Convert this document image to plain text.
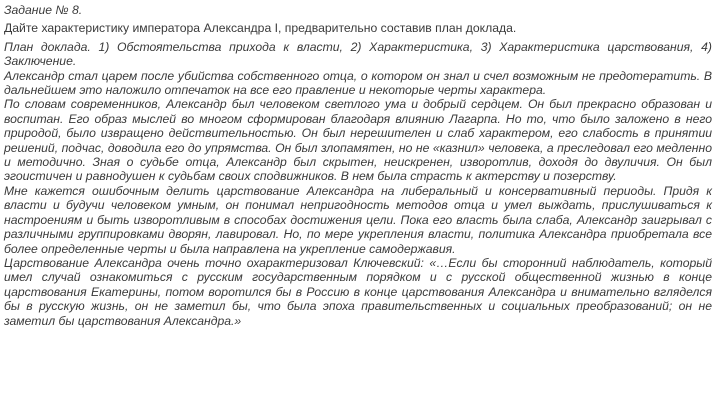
Задание № 8.

Дайте характеристику императора Александра I, предварительно составив план доклада.

План доклада. 1) Обстоятельства прихода к власти, 2) Характеристика, 3) Характеристика царствования, 4) Заключение.

Александр стал царем после убийства собственного отца, о котором он знал и счел возможным не предотератить. В дальнейшем это наложило отпечаток на все его правление и некоторые черты характера.

По словам современников, Александр был человеком светлого ума и добрый сердцем. Он был прекрасно образован и воспитан. Его образ мыслей во многом сформирован благодаря влиянию Лагарпа. Но то, что было заложено в него природой, было извращено действительностью. Он был нерешителен и слаб характером, его слабость в принятии решений, подчас, доводила его до упрямства. Он был злопамятен, но не «казнил» человека, а преследовал его медленно и методично. Зная о судьбе отца, Александр был скрытен, неискренен, изворотлив, доходя до двуличия. Он был эгоистичен и равнодушен к судьбам своих сподвижников. В нем была страсть к актерству и позерству.

Мне кажется ошибочным делить царствование Александра на либеральный и консервативный периоды. Придя к власти и будучи человеком умным, он понимал непригодность методов отца и умел выждать, прислушиваться к настроениям и быть изворотливым в способах достижения цели. Пока его власть была слаба, Александр заигрывал с различными группировками дворян, лавировал. Но, по мере укрепления власти, политика Александра приобретала все более определенные черты и была направлена на укрепление самодержавия.

Царствование Александра очень точно охарактеризовал Ключевский: «…Если бы сторонний наблюдатель, который имел случай ознакомиться с русским государственным порядком и с русской общественной жизнью в конце царствования Екатерины, потом воротился бы в Россию в конце царствования Александра и внимательно вгляделся бы в русскую жизнь, он не заметил бы, что была эпоха правительственных и социальных преобразований; он не заметил бы царствования Александра.»
